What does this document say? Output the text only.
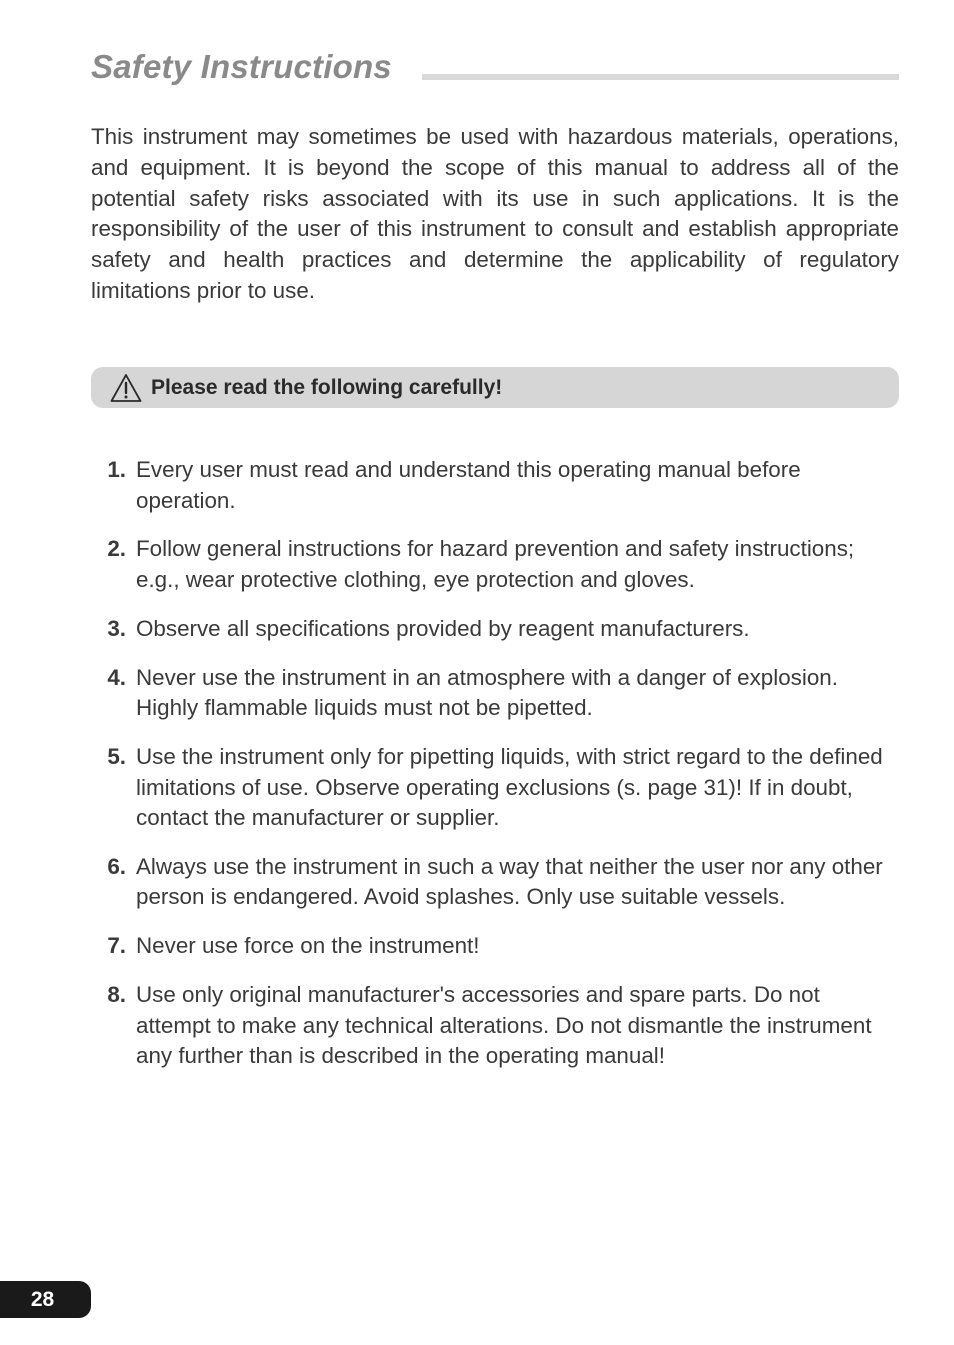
Safety Instructions

This instrument may sometimes be used with hazardous materials, operations, and equipment. It is beyond the scope of this manual to address all of the potential safety risks associated with its use in such applications. It is the responsibility of the user of this instrument to consult and establish appropriate safety and health practices and determine the applicability of regulatory limitations prior to use.

Please read the following carefully!
1. Every user must read and understand this operating manual before operation.
2. Follow general instructions for hazard prevention and safety instructions; e.g., wear protective clothing, eye protection and gloves.
3. Observe all specifications provided by reagent manufacturers.
4. Never use the instrument in an atmosphere with a danger of explosion. Highly flammable liquids must not be pipetted.
5. Use the instrument only for pipetting liquids, with strict regard to the defined limitations of use. Observe operating exclusions (s. page 31)! If in doubt, contact the manufacturer or supplier.
6. Always use the instrument in such a way that neither the user nor any other person is endangered. Avoid splashes. Only use suitable vessels.
7. Never use force on the instrument!
8. Use only original manufacturer's accessories and spare parts. Do not attempt to make any technical alterations. Do not dismantle the instrument any further than is described in the operating manual!
28
